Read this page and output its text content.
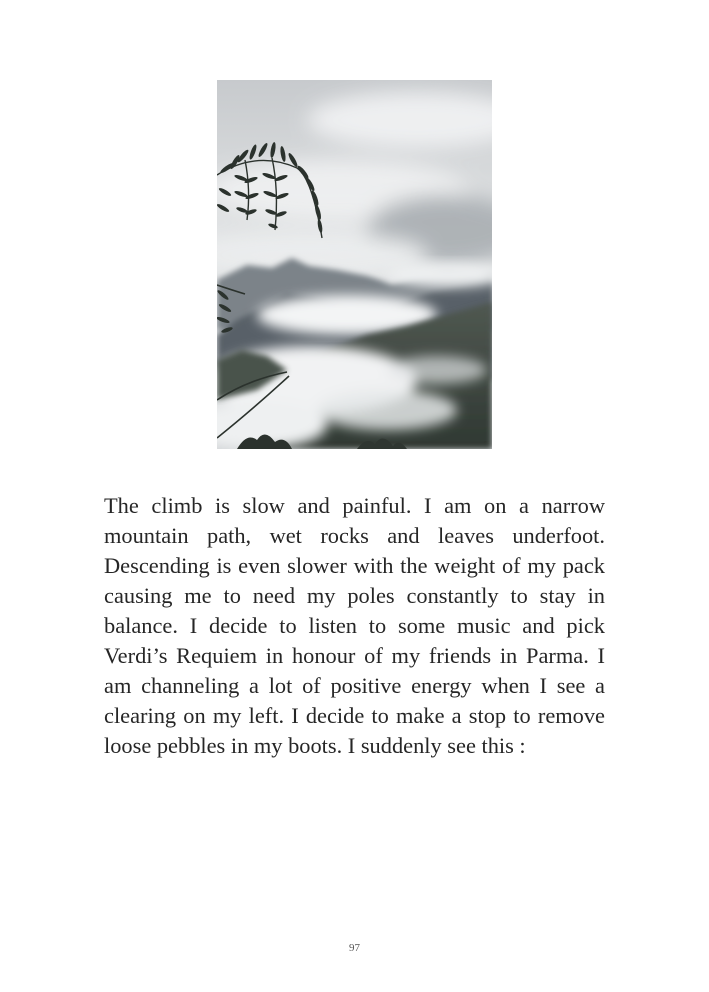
The climb is slow and painful. I am on a narrow mountain path, wet rocks and leaves underfoot. Descending is even slower with the weight of my pack causing me to need my poles constantly to stay in balance. I decide to listen to some music and pick Verdi’s Requiem in honour of my friends in Parma. I am channeling a lot of positive energy when I see a clearing on my left. I decide to make a stop to remove loose pebbles in my boots. I suddenly see this :

97
